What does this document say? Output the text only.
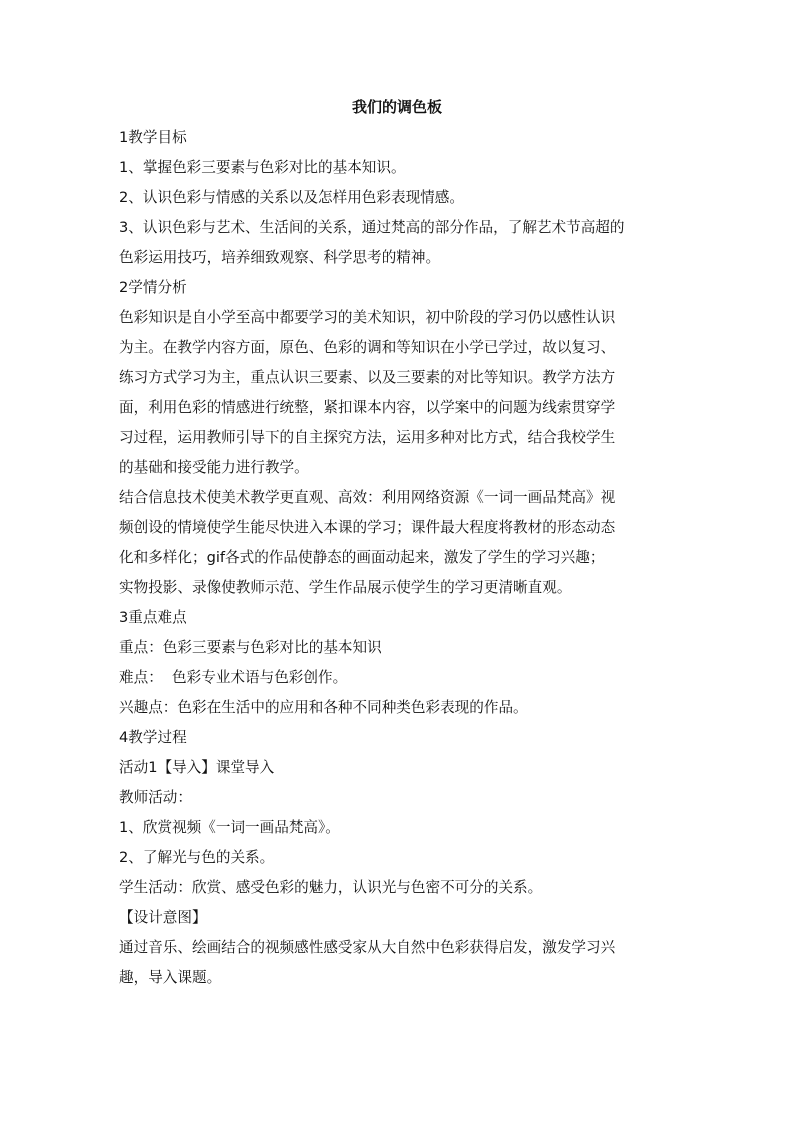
我们的调色板

1教学目标

1、掌握色彩三要素与色彩对比的基本知识。

2、认识色彩与情感的关系以及怎样用色彩表现情感。

3、认识色彩与艺术、生活间的关系，通过梵高的部分作品，了解艺术节高超的

色彩运用技巧，培养细致观察、科学思考的精神。

2学情分析

色彩知识是自小学至高中都要学习的美术知识，初中阶段的学习仍以感性认识

为主。在教学内容方面，原色、色彩的调和等知识在小学已学过，故以复习、

练习方式学习为主，重点认识三要素、以及三要素的对比等知识。教学方法方

面，利用色彩的情感进行统整，紧扣课本内容，以学案中的问题为线索贯穿学

习过程，运用教师引导下的自主探究方法，运用多种对比方式，结合我校学生

的基础和接受能力进行教学。

结合信息技术使美术教学更直观、高效：利用网络资源《一词一画品梵高》视

频创设的情境使学生能尽快进入本课的学习；课件最大程度将教材的形态动态

化和多样化；gif各式的作品使静态的画面动起来，激发了学生的学习兴趣；

实物投影、录像使教师示范、学生作品展示使学生的学习更清晰直观。

3重点难点

重点：色彩三要素与色彩对比的基本知识

难点：  色彩专业术语与色彩创作。

兴趣点：色彩在生活中的应用和各种不同种类色彩表现的作品。

4教学过程

活动1【导入】课堂导入

教师活动：

1、欣赏视频《一词一画品梵高》。

2、了解光与色的关系。

学生活动：欣赏、感受色彩的魅力，认识光与色密不可分的关系。

【设计意图】

通过音乐、绘画结合的视频感性感受家从大自然中色彩获得启发，激发学习兴

趣，导入课题。
